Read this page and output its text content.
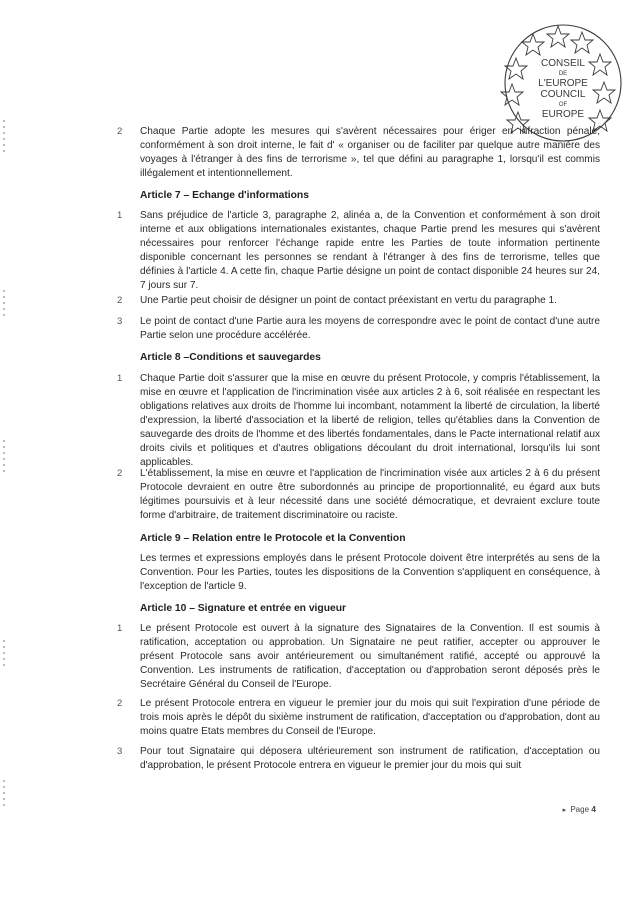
CONSEIL
DE
L'EUROPE
COUNCIL
OF
EUROPE
2 Chaque Partie adopte les mesures qui s'avèrent nécessaires pour ériger en infraction pénale, conformément à son droit interne, le fait d' « organiser ou de faciliter par quelque autre manière des voyages à l'étranger à des fins de terrorisme », tel que défini au paragraphe 1, lorsqu'il est commis illégalement et intentionnellement.

Article 7 – Echange d'informations
1 Sans préjudice de l'article 3, paragraphe 2, alinéa a, de la Convention et conformément à son droit interne et aux obligations internationales existantes, chaque Partie prend les mesures qui s'avèrent nécessaires pour renforcer l'échange rapide entre les Parties de toute information pertinente disponible concernant les personnes se rendant à l'étranger à des fins de terrorisme, telles que définies à l'article 4. A cette fin, chaque Partie désigne un point de contact disponible 24 heures sur 24, 7 jours sur 7.

2 Une Partie peut choisir de désigner un point de contact préexistant en vertu du paragraphe 1.

3 Le point de contact d'une Partie aura les moyens de correspondre avec le point de contact d'une autre Partie selon une procédure accélérée.

Article 8 –Conditions et sauvegardes
1 Chaque Partie doit s'assurer que la mise en œuvre du présent Protocole, y compris l'établissement, la mise en œuvre et l'application de l'incrimination visée aux articles 2 à 6, soit réalisée en respectant les obligations relatives aux droits de l'homme lui incombant, notamment la liberté de circulation, la liberté d'expression, la liberté d'association et la liberté de religion, telles qu'établies dans la Convention de sauvegarde des droits de l'homme et des libertés fondamentales, dans le Pacte international relatif aux droits civils et politiques et d'autres obligations découlant du droit international, lorsqu'ils lui sont applicables.

2 L'établissement, la mise en œuvre et l'application de l'incrimination visée aux articles 2 à 6 du présent Protocole devraient en outre être subordonnés au principe de proportionnalité, eu égard aux buts légitimes poursuivis et à leur nécessité dans une société démocratique, et devraient exclure toute forme d'arbitraire, de traitement discriminatoire ou raciste.

Article 9 – Relation entre le Protocole et la Convention

Les termes et expressions employés dans le présent Protocole doivent être interprétés au sens de la Convention. Pour les Parties, toutes les dispositions de la Convention s'appliquent en conséquence, à l'exception de l'article 9.

Article 10 – Signature et entrée en vigueur
1 Le présent Protocole est ouvert à la signature des Signataires de la Convention. Il est soumis à ratification, acceptation ou approbation. Un Signataire ne peut ratifier, accepter ou approuver le présent Protocole sans avoir antérieurement ou simultanément ratifié, accepté ou approuvé la Convention. Les instruments de ratification, d'acceptation ou d'approbation seront déposés près le Secrétaire Général du Conseil de l'Europe.

2 Le présent Protocole entrera en vigueur le premier jour du mois qui suit l'expiration d'une période de trois mois après le dépôt du sixième instrument de ratification, d'acceptation ou d'approbation, dont au moins quatre Etats membres du Conseil de l'Europe.

3 Pour tout Signataire qui déposera ultérieurement son instrument de ratification, d'acceptation ou d'approbation, le présent Protocole entrera en vigueur le premier jour du mois qui suit

▸ Page 4
